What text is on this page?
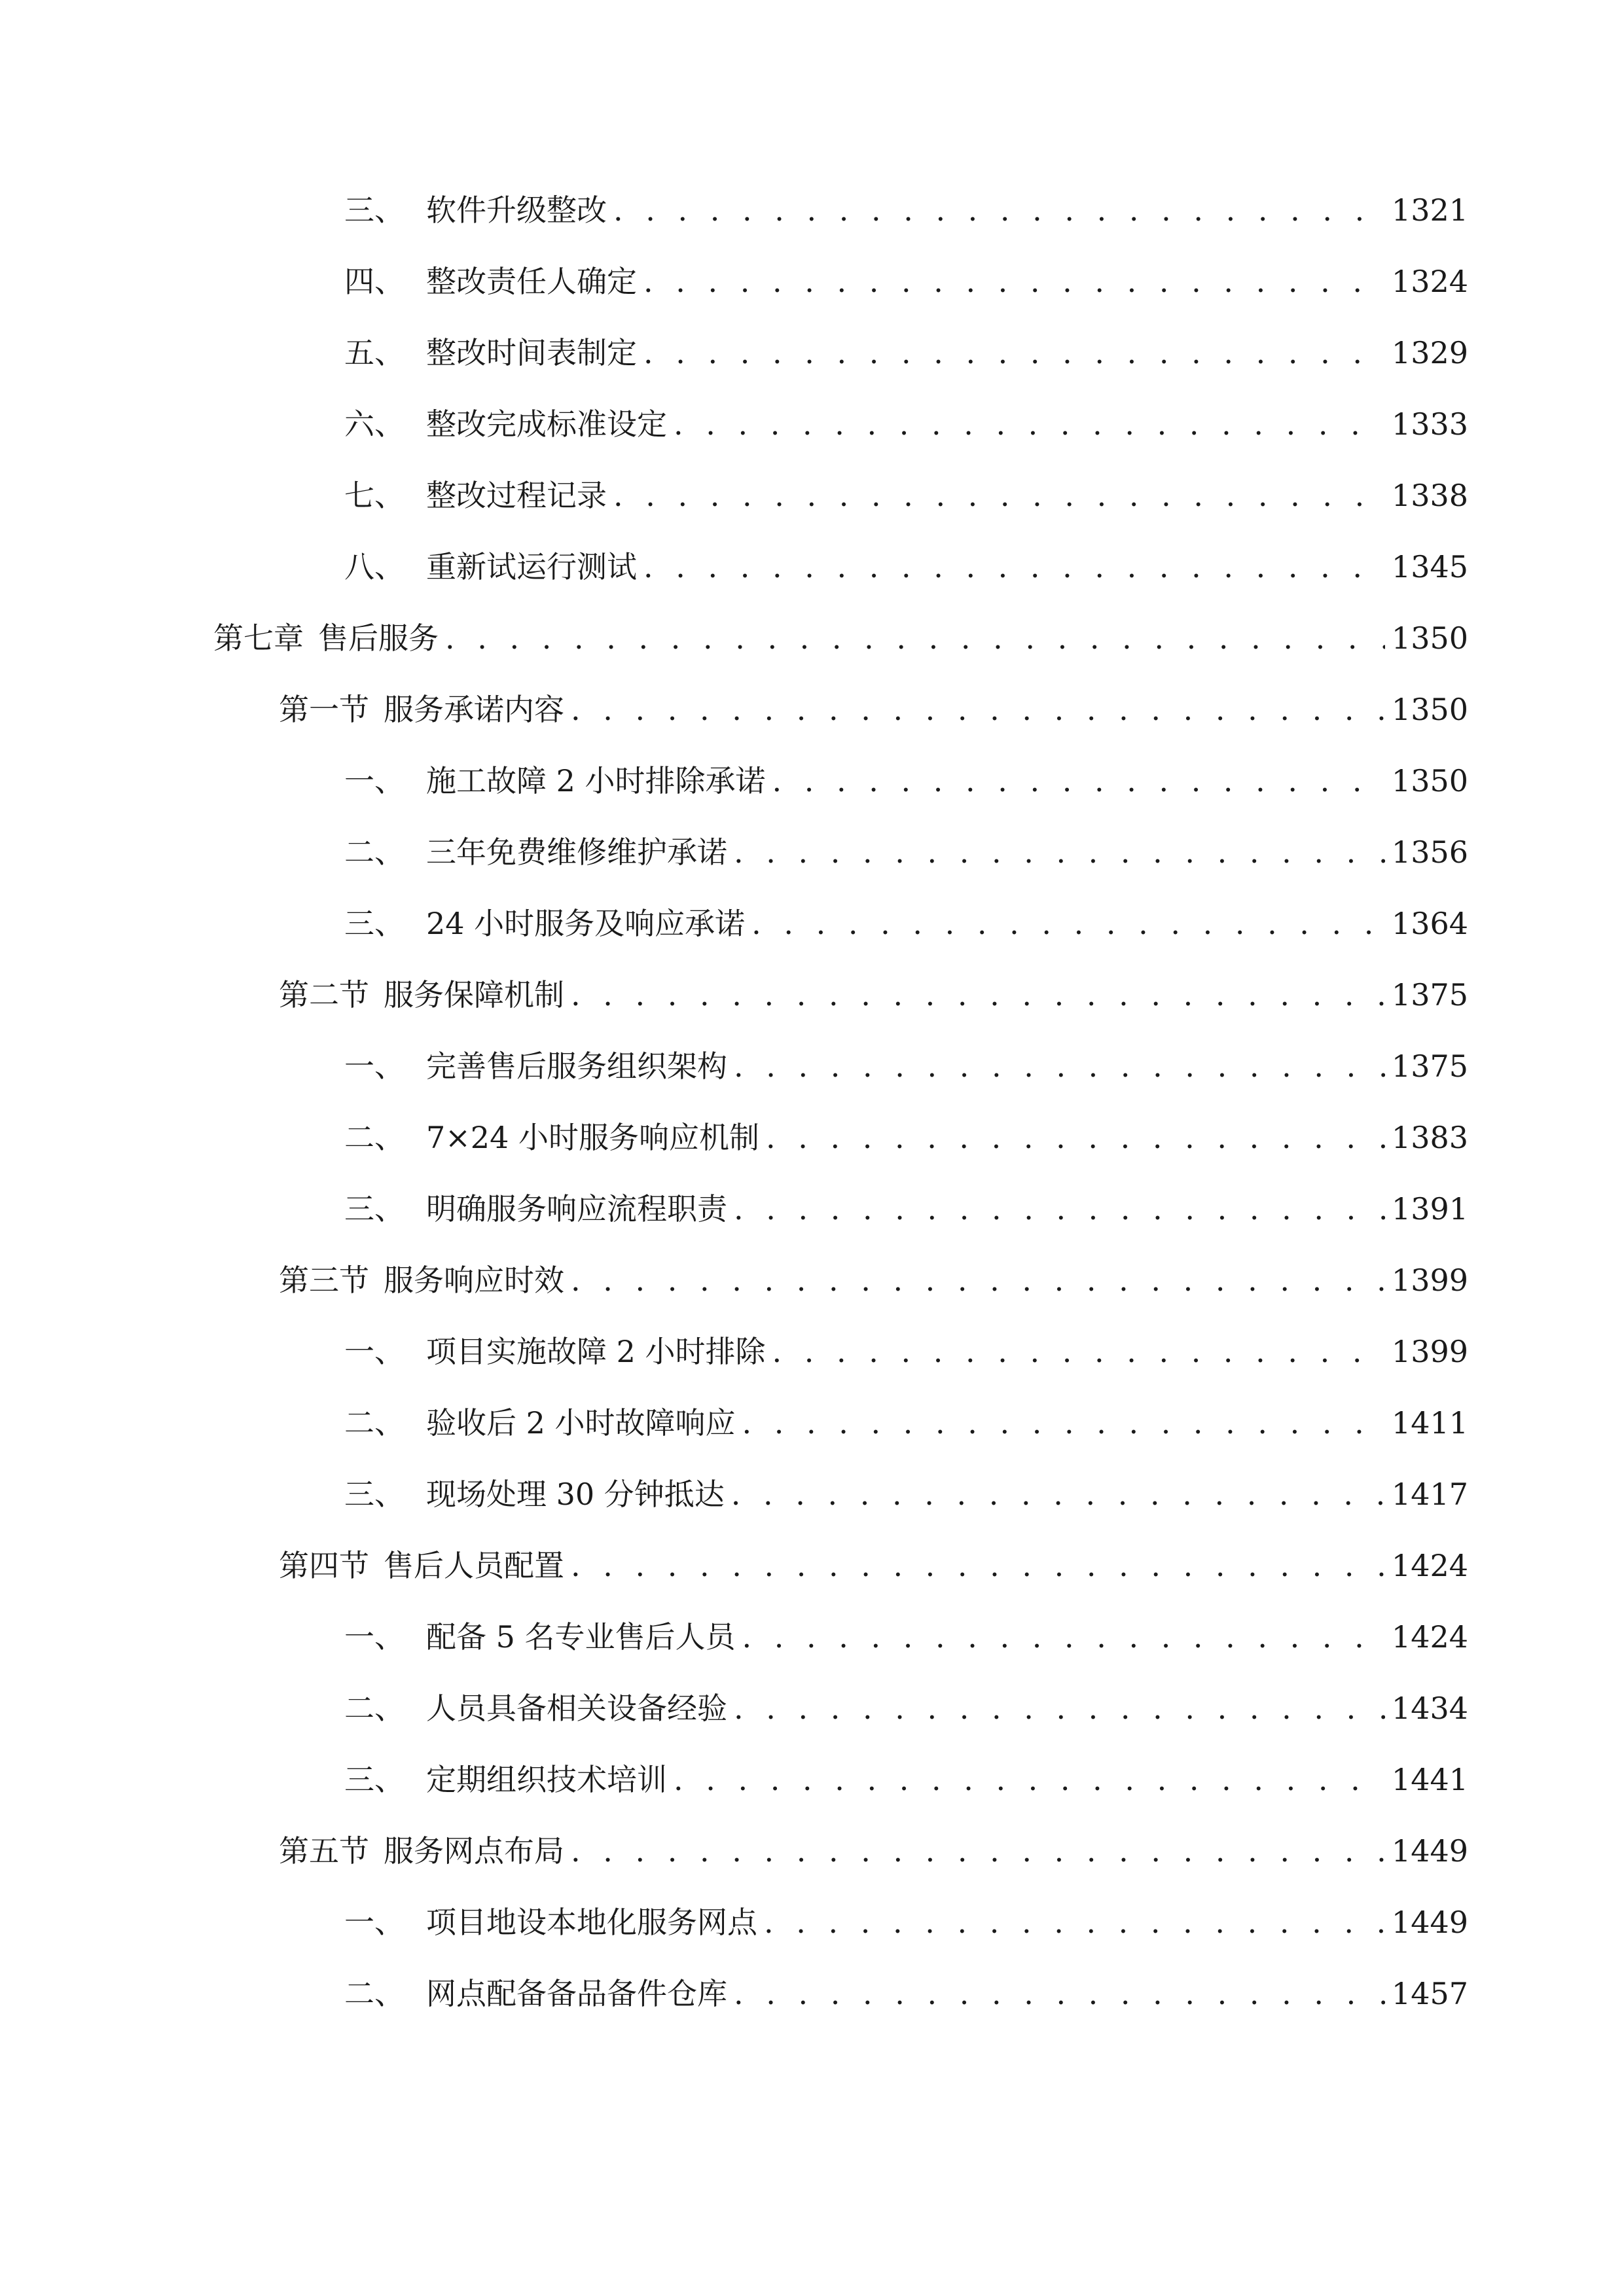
三、 软件升级整改 . . .	1321
四、 整改责任人确定 . . .	1324
五、 整改时间表制定 . . .	1329
六、 整改完成标准设定 . . .	1333
七、 整改过程记录 . . .	1338
八、 重新试运行测试 . . .	1345
第七章 售后服务 . . .	1350
第一节 服务承诺内容 . . .	1350
一、 施工故障 2 小时排除承诺 . . .	1350
二、 三年免费维修维护承诺 . . .	1356
三、 24 小时服务及响应承诺 . . .	1364
第二节 服务保障机制 . . .	1375
一、 完善售后服务组织架构 . . .	1375
二、 7×24 小时服务响应机制 . . .	1383
三、 明确服务响应流程职责 . . .	1391
第三节 服务响应时效 . . .	1399
一、 项目实施故障 2 小时排除 . . .	1399
二、 验收后 2 小时故障响应 . . .	1411
三、 现场处理 30 分钟抵达 . . .	1417
第四节 售后人员配置 . . .	1424
一、 配备 5 名专业售后人员 . . .	1424
二、 人员具备相关设备经验 . . .	1434
三、 定期组织技术培训 . . .	1441
第五节 服务网点布局 . . .	1449
一、 项目地设本地化服务网点 . . .	1449
二、 网点配备备品备件仓库 . . .	1457
